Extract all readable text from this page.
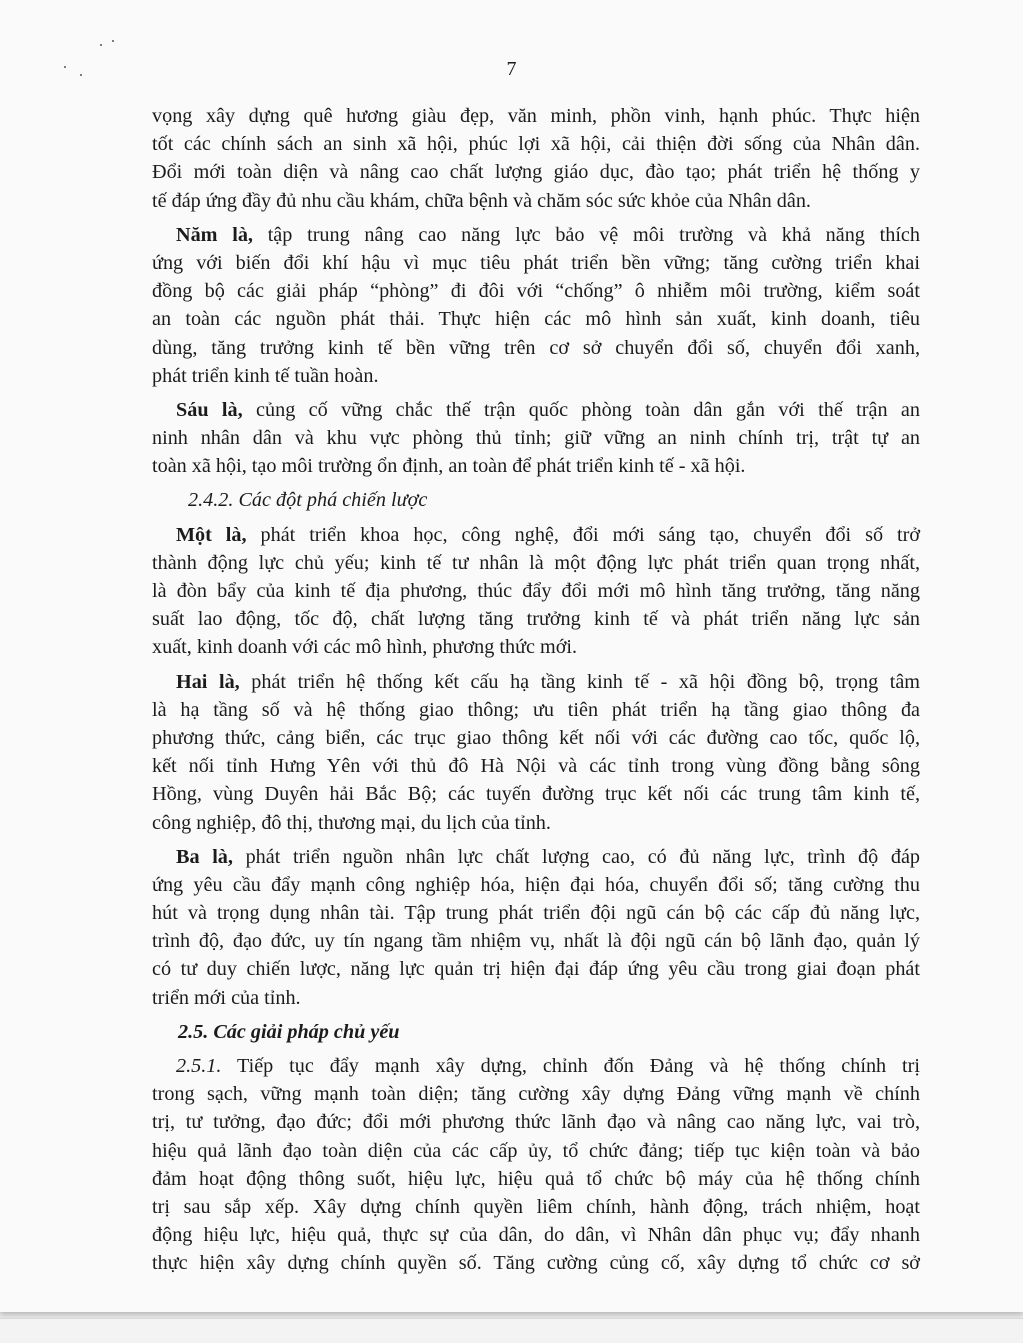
7
vọng xây dựng quê hương giàu đẹp, văn minh, phồn vinh, hạnh phúc. Thực hiện
tốt các chính sách an sinh xã hội, phúc lợi xã hội, cải thiện đời sống của Nhân dân.
Đổi mới toàn diện và nâng cao chất lượng giáo dục, đào tạo; phát triển hệ thống y
tế đáp ứng đầy đủ nhu cầu khám, chữa bệnh và chăm sóc sức khỏe của Nhân dân.
Năm là, tập trung nâng cao năng lực bảo vệ môi trường và khả năng thích
ứng với biến đổi khí hậu vì mục tiêu phát triển bền vững; tăng cường triển khai
đồng bộ các giải pháp “phòng” đi đôi với “chống” ô nhiễm môi trường, kiểm soát
an toàn các nguồn phát thải. Thực hiện các mô hình sản xuất, kinh doanh, tiêu
dùng, tăng trưởng kinh tế bền vững trên cơ sở chuyển đổi số, chuyển đổi xanh,
phát triển kinh tế tuần hoàn.
Sáu là, củng cố vững chắc thế trận quốc phòng toàn dân gắn với thế trận an
ninh nhân dân và khu vực phòng thủ tỉnh; giữ vững an ninh chính trị, trật tự an
toàn xã hội, tạo môi trường ổn định, an toàn để phát triển kinh tế - xã hội.
2.4.2. Các đột phá chiến lược
Một là, phát triển khoa học, công nghệ, đổi mới sáng tạo, chuyển đổi số trở
thành động lực chủ yếu; kinh tế tư nhân là một động lực phát triển quan trọng nhất,
là đòn bẩy của kinh tế địa phương, thúc đẩy đổi mới mô hình tăng trưởng, tăng năng
suất lao động, tốc độ, chất lượng tăng trưởng kinh tế và phát triển năng lực sản
xuất, kinh doanh với các mô hình, phương thức mới.
Hai là, phát triển hệ thống kết cấu hạ tầng kinh tế - xã hội đồng bộ, trọng tâm
là hạ tầng số và hệ thống giao thông; ưu tiên phát triển hạ tầng giao thông đa
phương thức, cảng biển, các trục giao thông kết nối với các đường cao tốc, quốc lộ,
kết nối tỉnh Hưng Yên với thủ đô Hà Nội và các tỉnh trong vùng đồng bằng sông
Hồng, vùng Duyên hải Bắc Bộ; các tuyến đường trục kết nối các trung tâm kinh tế,
công nghiệp, đô thị, thương mại, du lịch của tỉnh.
Ba là, phát triển nguồn nhân lực chất lượng cao, có đủ năng lực, trình độ đáp
ứng yêu cầu đẩy mạnh công nghiệp hóa, hiện đại hóa, chuyển đổi số; tăng cường thu
hút và trọng dụng nhân tài. Tập trung phát triển đội ngũ cán bộ các cấp đủ năng lực,
trình độ, đạo đức, uy tín ngang tầm nhiệm vụ, nhất là đội ngũ cán bộ lãnh đạo, quản lý
có tư duy chiến lược, năng lực quản trị hiện đại đáp ứng yêu cầu trong giai đoạn phát
triển mới của tỉnh.
2.5. Các giải pháp chủ yếu
2.5.1. Tiếp tục đẩy mạnh xây dựng, chỉnh đốn Đảng và hệ thống chính trị
trong sạch, vững mạnh toàn diện; tăng cường xây dựng Đảng vững mạnh về chính
trị, tư tưởng, đạo đức; đổi mới phương thức lãnh đạo và nâng cao năng lực, vai trò,
hiệu quả lãnh đạo toàn diện của các cấp ủy, tổ chức đảng; tiếp tục kiện toàn và bảo
đảm hoạt động thông suốt, hiệu lực, hiệu quả tổ chức bộ máy của hệ thống chính
trị sau sắp xếp. Xây dựng chính quyền liêm chính, hành động, trách nhiệm, hoạt
động hiệu lực, hiệu quả, thực sự của dân, do dân, vì Nhân dân phục vụ; đẩy nhanh
thực hiện xây dựng chính quyền số. Tăng cường củng cố, xây dựng tổ chức cơ sở
